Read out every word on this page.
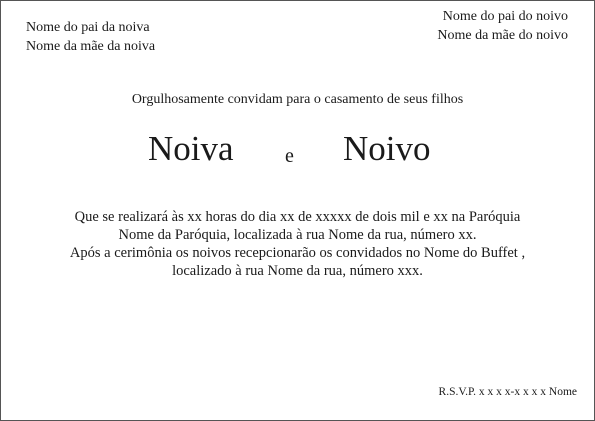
Nome do pai da noiva
Nome da mãe da noiva
Nome do pai do noivo
Nome da mãe do noivo
Orgulhosamente convidam para o casamento de seus filhos
Noiva	e Noivo
Que se realizará às xx horas do dia xx de xxxxx de dois mil e xx na Paróquia
Nome da Paróquia, localizada à rua Nome da rua, número xx.
Após a cerimônia os noivos recepcionarão os convidados no Nome do Buffet ,
localizado à rua Nome da rua, número xxx.
R.S.V.P. x x x x-x x x x Nome
